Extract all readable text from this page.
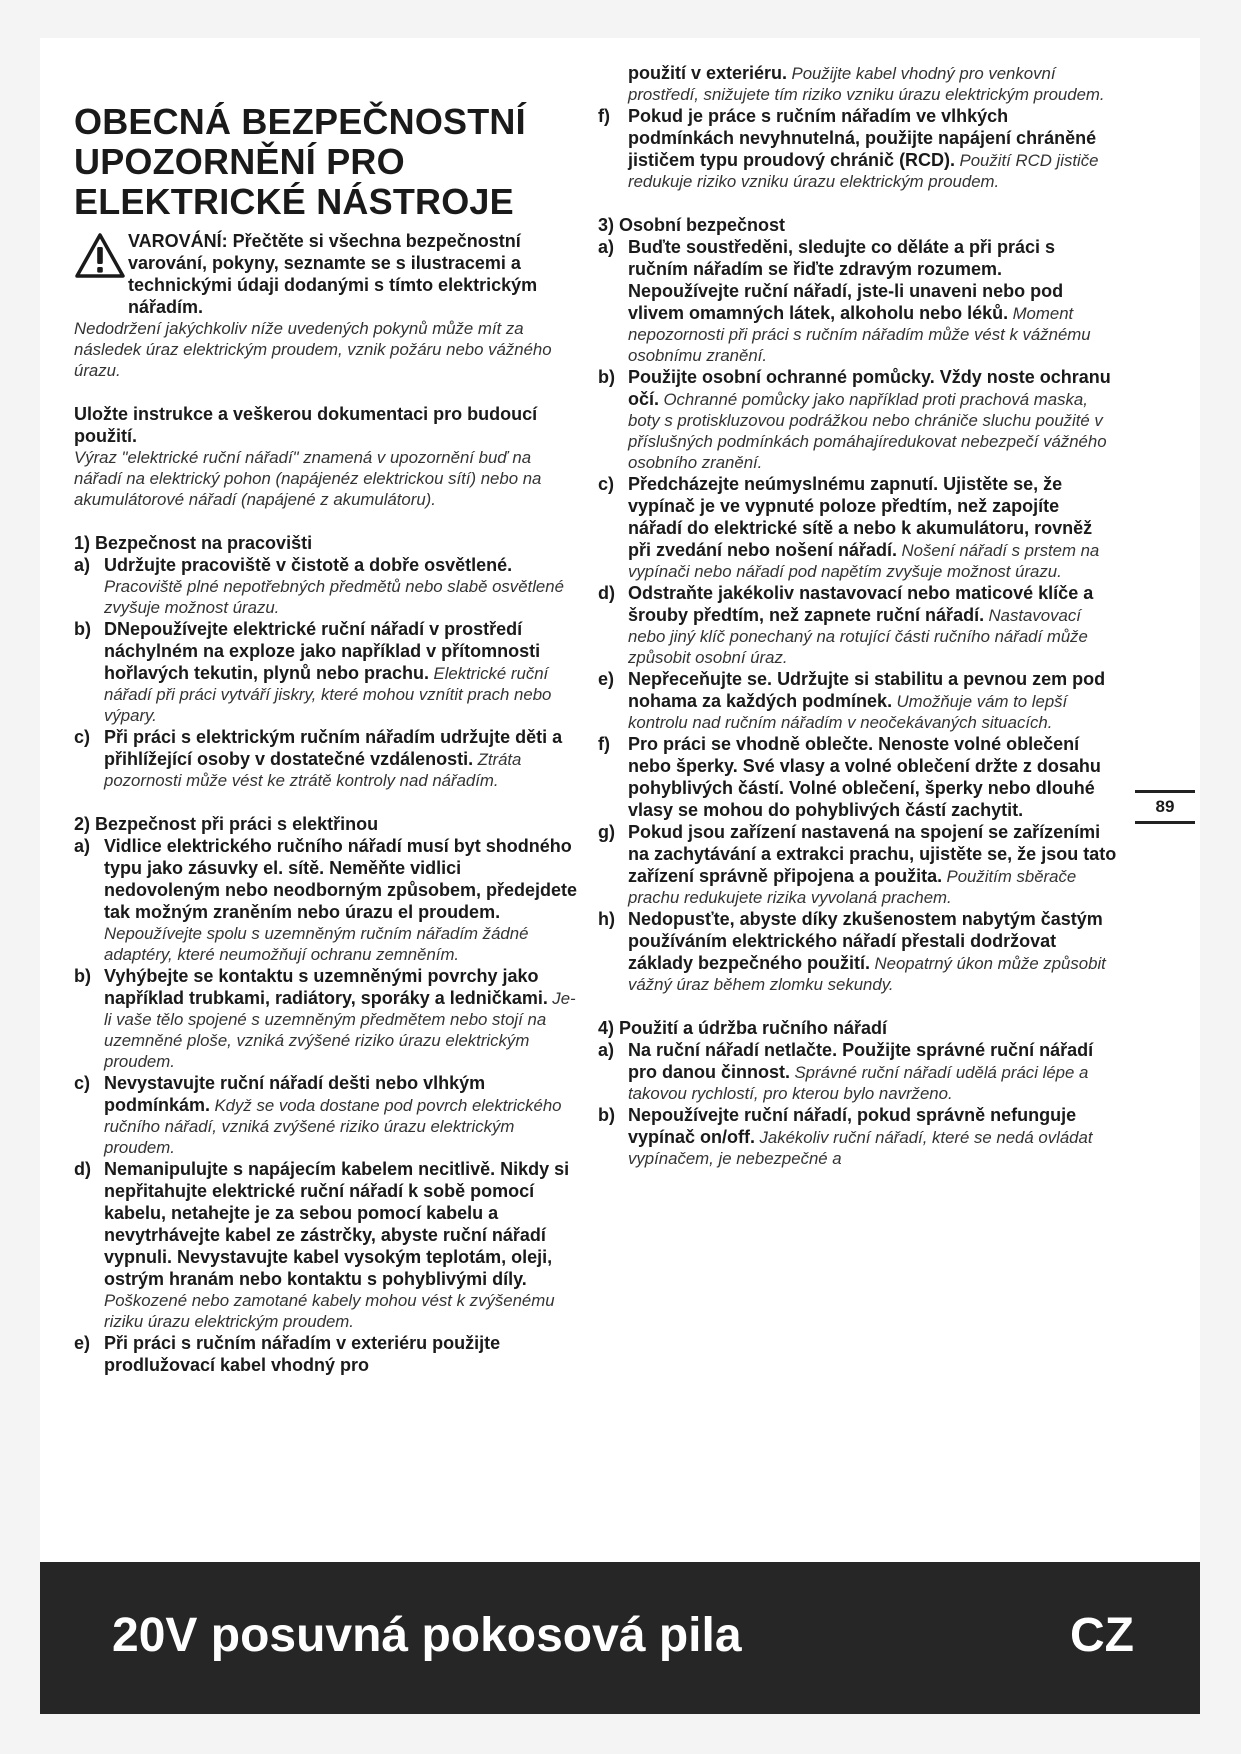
OBECNÁ BEZPEČNOSTNÍ
UPOZORNĚNÍ PRO
ELEKTRICKÉ NÁSTROJE
VAROVÁNÍ: Přečtěte si všechna bezpečnostní varování, pokyny, seznamte se s ilustracemi a technickými údaji dodanými s tímto elektrickým nářadím.

Nedodržení jakýchkoliv níže uvedených pokynů může mít za následek úraz elektrickým proudem, vznik požáru nebo vážného úrazu.

Uložte instrukce a veškerou dokumentaci pro budoucí použití.

Výraz "elektrické ruční nářadí" znamená v upozornění buď na nářadí na elektrický pohon (napájenéz elektrickou sítí) nebo na akumulátorové nářadí (napájené z akumulátoru).

1) Bezpečnost na pracovišti

a) Udržujte pracoviště v čistotě a dobře osvětlené. Pracoviště plné nepotřebných předmětů nebo slabě osvětlené zvyšuje možnost úrazu.
b) DNepoužívejte elektrické ruční nářadí v prostředí náchylném na exploze jako například v přítomnosti hořlavých tekutin, plynů nebo prachu. Elektrické ruční nářadí při práci vytváří jiskry, které mohou vznítit prach nebo výpary.
c) Při práci s elektrickým ručním nářadím udržujte děti a přihlížející osoby v dostatečné vzdálenosti. Ztráta pozornosti může vést ke ztrátě kontroly nad nářadím.

2) Bezpečnost při práci s elektřinou

a) Vidlice elektrického ručního nářadí musí byt shodného typu jako zásuvky el. sítě. Neměňte vidlici nedovoleným nebo neodborným způsobem, předejdete tak možným zraněním nebo úrazu el proudem. Nepoužívejte spolu s uzemněným ručním nářadím žádné adaptéry, které neumožňují ochranu zemněním.
b) Vyhýbejte se kontaktu s uzemněnými povrchy jako například trubkami, radiátory, sporáky a ledničkami. Je-li vaše tělo spojené s uzemněným předmětem nebo stojí na uzemněné ploše, vzniká zvýšené riziko úrazu elektrickým proudem.
c) Nevystavujte ruční nářadí dešti nebo vlhkým podmínkám. Když se voda dostane pod povrch elektrického ručního nářadí, vzniká zvýšené riziko úrazu elektrickým proudem.
d) Nemanipulujte s napájecím kabelem necitlivě. Nikdy si nepřitahujte elektrické ruční nářadí k sobě pomocí kabelu, netahejte je za sebou pomocí kabelu a nevytrhávejte kabel ze zástrčky, abyste ruční nářadí vypnuli. Nevystavujte kabel vysokým teplotám, oleji, ostrým hranám nebo kontaktu s pohyblivými díly. Poškozené nebo zamotané kabely mohou vést k zvýšenému riziku úrazu elektrickým proudem.
e) Při práci s ručním nářadím v exteriéru použijte prodlužovací kabel vhodný pro
použití v exteriéru. Použijte kabel vhodný pro venkovní prostředí, snižujete tím riziko vzniku úrazu elektrickým proudem.
f)	Pokud je práce s ručním nářadím ve vlhkých podmínkách nevyhnutelná, použijte napájení chráněné jističem typu proudový chránič (RCD). Použití RCD jističe redukuje riziko vzniku úrazu elektrickým proudem.

3) Osobní bezpečnost

a) Buďte soustředěni, sledujte co děláte a při práci s ručním nářadím se řiďte zdravým rozumem. Nepoužívejte ruční nářadí, jste-li unaveni nebo pod vlivem omamných látek, alkoholu nebo léků. Moment nepozornosti při práci s ručním nářadím může vést k vážnému osobnímu zranění.
b) Použijte osobní ochranné pomůcky. Vždy noste ochranu očí. Ochranné pomůcky jako například proti prachová maska, boty s protiskluzovou podrážkou nebo chrániče sluchu použité v příslušných podmínkách pomáhajíredukovat nebezpečí vážného osobního zranění.
c) Předcházejte neúmyslnému zapnutí. Ujistěte se, že vypínač je ve vypnuté poloze předtím, než zapojíte nářadí do elektrické sítě a nebo k akumulátoru, rovněž při zvedání nebo nošení nářadí. Nošení nářadí s prstem na vypínači nebo nářadí pod napětím zvyšuje možnost úrazu.
d) Odstraňte jakékoliv nastavovací nebo maticové klíče a šrouby předtím, než zapnete ruční nářadí. Nastavovací nebo jiný klíč ponechaný na rotující části ručního nářadí může způsobit osobní úraz.
e) Nepřeceňujte se. Udržujte si stabilitu a pevnou zem pod nohama za každých podmínek. Umožňuje vám to lepší kontrolu nad ručním nářadím v neočekávaných situacích.
f)	Pro práci se vhodně oblečte. Nenoste volné oblečení nebo šperky. Své vlasy a volné oblečení držte z dosahu pohyblivých částí. Volné oblečení, šperky nebo dlouhé vlasy se mohou do pohyblivých částí zachytit.
g) Pokud jsou zařízení nastavená na spojení se zařízeními na zachytávání a extrakci prachu, ujistěte se, že jsou tato zařízení správně připojena a použita. Použitím sběrače prachu redukujete rizika vyvolaná prachem.
h) Nedopusťte, abyste díky zkušenostem nabytým častým používáním elektrického nářadí přestali dodržovat základy bezpečného použití. Neopatrný úkon může způsobit vážný úraz během zlomku sekundy.

4) Použití a údržba ručního nářadí

a) Na ruční nářadí netlačte. Použijte správné ruční nářadí pro danou činnost. Správné ruční nářadí udělá práci lépe a takovou rychlostí, pro kterou bylo navrženo.
b) Nepoužívejte ruční nářadí, pokud správně nefunguje vypínač on/off. Jakékoliv ruční nářadí, které se nedá ovládat vypínačem, je nebezpečné a
89
20V posuvná pokosová pila	CZ
